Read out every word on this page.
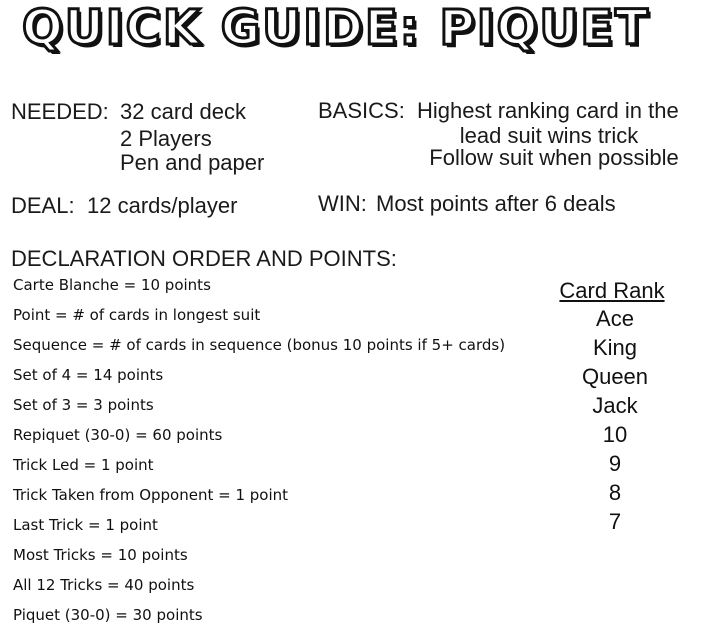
QUICK GUIDE: PIQUET
NEEDED: 32 card deck
2 Players
Pen and paper
BASICS: Highest ranking card in the
lead suit wins trick
Follow suit when possible
DEAL: 12 cards/player	WIN: Most points after 6 deals
DECLARATION ORDER AND POINTS:
Carte Blanche = 10 points
Point = # of cards in longest suit
Sequence = # of cards in sequence (bonus 10 points if 5+ cards)
Set of 4 = 14 points
Set of 3 = 3 points
Repiquet (30-0) = 60 points
Trick Led = 1 point
Trick Taken from Opponent = 1 point
Last Trick = 1 point
Most Tricks = 10 points
All 12 Tricks = 40 points
Piquet (30-0) = 30 points
Card Rank
Ace
King
Queen
Jack
10
9
8
7
